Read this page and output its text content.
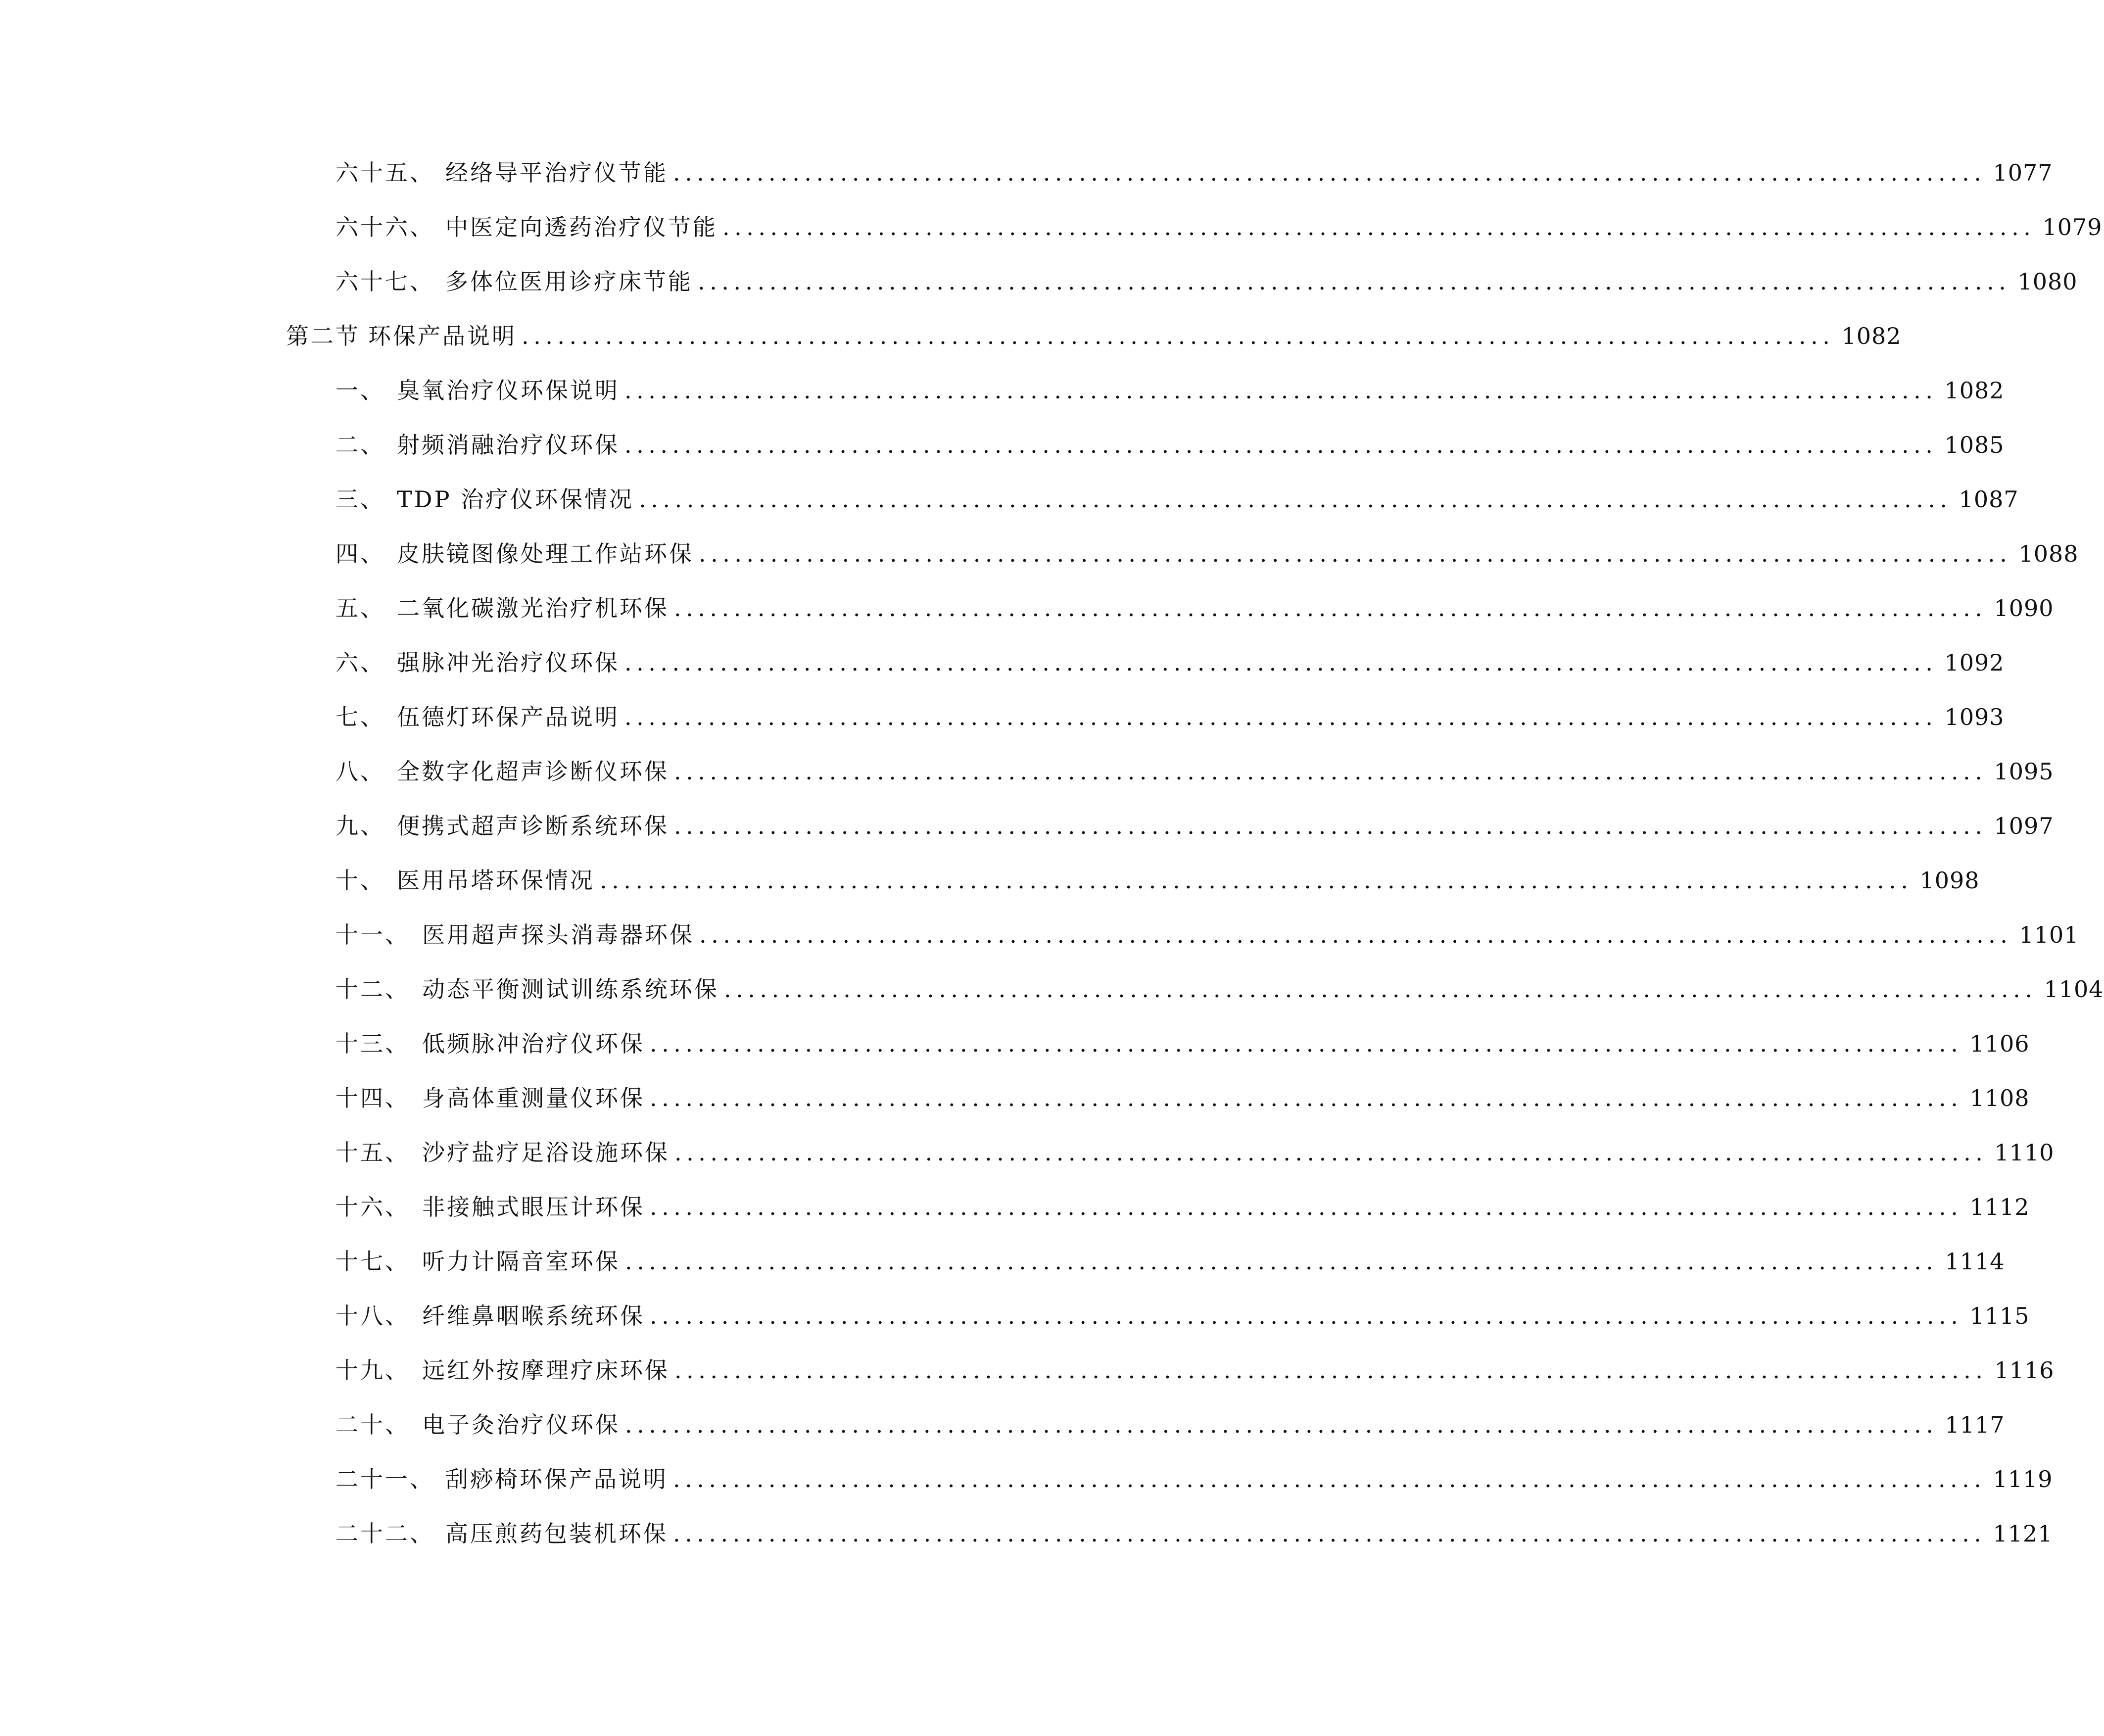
六十五、 经络导平治疗仪节能 .............................................................................................................. 1077
六十六、 中医定向透药治疗仪节能 .............................................................................................................. 1079
六十七、 多体位医用诊疗床节能 .............................................................................................................. 1080
第二节 环保产品说明 .............................................................................................................. 1082
一、 臭氧治疗仪环保说明 .............................................................................................................. 1082
二、 射频消融治疗仪环保 .............................................................................................................. 1085
三、 TDP 治疗仪环保情况 .............................................................................................................. 1087
四、 皮肤镜图像处理工作站环保 .............................................................................................................. 1088
五、 二氧化碳激光治疗机环保 .............................................................................................................. 1090
六、 强脉冲光治疗仪环保 .............................................................................................................. 1092
七、 伍德灯环保产品说明 .............................................................................................................. 1093
八、 全数字化超声诊断仪环保 .............................................................................................................. 1095
九、 便携式超声诊断系统环保 .............................................................................................................. 1097
十、 医用吊塔环保情况 .............................................................................................................. 1098
十一、 医用超声探头消毒器环保 .............................................................................................................. 1101
十二、 动态平衡测试训练系统环保 .............................................................................................................. 1104
十三、 低频脉冲治疗仪环保 .............................................................................................................. 1106
十四、 身高体重测量仪环保 .............................................................................................................. 1108
十五、 沙疗盐疗足浴设施环保 .............................................................................................................. 1110
十六、 非接触式眼压计环保 .............................................................................................................. 1112
十七、 听力计隔音室环保 .............................................................................................................. 1114
十八、 纤维鼻咽喉系统环保 .............................................................................................................. 1115
十九、 远红外按摩理疗床环保 .............................................................................................................. 1116
二十、 电子灸治疗仪环保 .............................................................................................................. 1117
二十一、 刮痧椅环保产品说明 .............................................................................................................. 1119
二十二、 高压煎药包装机环保 .............................................................................................................. 1121
